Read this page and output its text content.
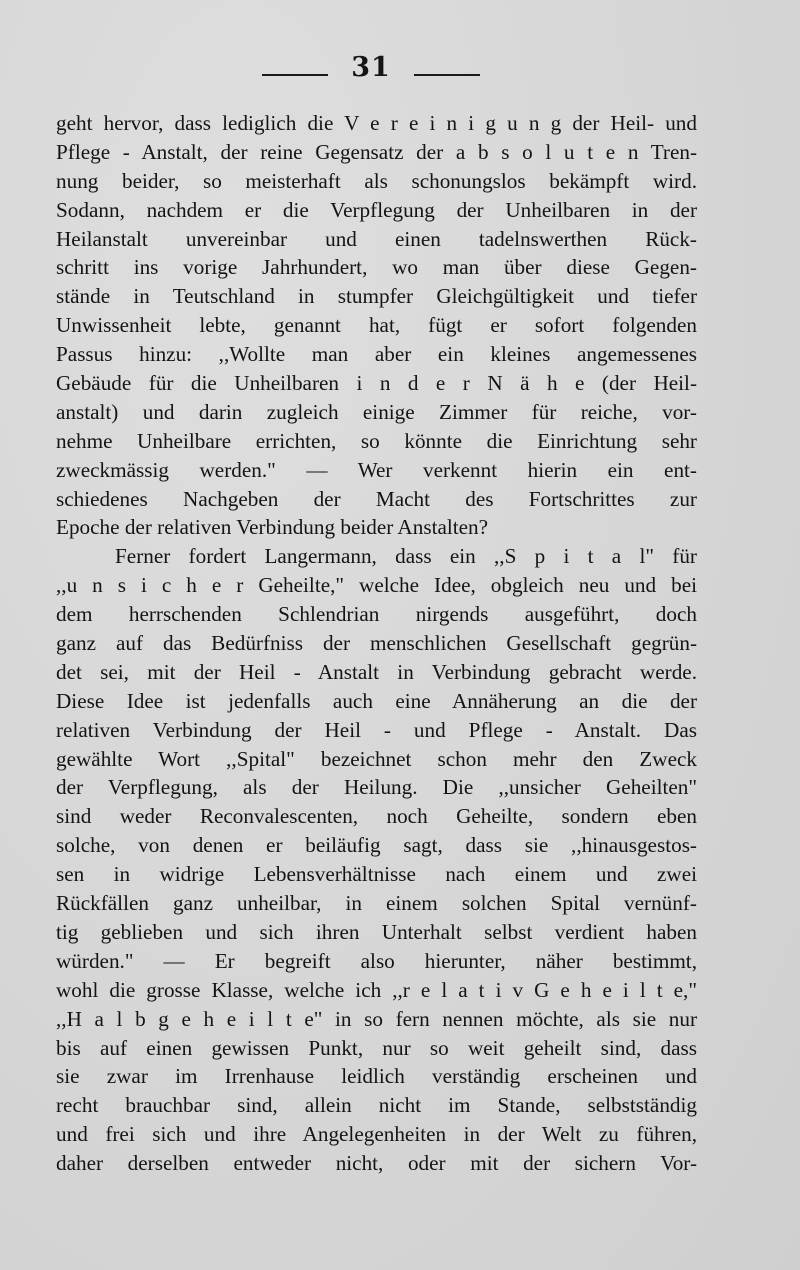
31
geht hervor, dass lediglich die V e r e i n i g u n g der Heil- und
Pflege - Anstalt, der reine Gegensatz der a b s o l u t e n Tren-
nung beider, so meisterhaft als schonungslos bekämpft wird.
Sodann, nachdem er die Verpflegung der Unheilbaren in der
Heilanstalt unvereinbar und einen tadelnswerthen Rück-
schritt ins vorige Jahrhundert, wo man über diese Gegen-
stände in Teutschland in stumpfer Gleichgültigkeit und tiefer
Unwissenheit lebte, genannt hat, fügt er sofort folgenden
Passus hinzu: ,,Wollte man aber ein kleines angemessenes
Gebäude für die Unheilbaren i n d e r N ä h e (der Heil-
anstalt) und darin zugleich einige Zimmer für reiche, vor-
nehme Unheilbare errichten, so könnte die Einrichtung sehr
zweckmässig werden." — Wer verkennt hierin ein ent-
schiedenes Nachgeben der Macht des Fortschrittes zur
Epoche der relativen Verbindung beider Anstalten?
Ferner fordert Langermann, dass ein ,,S p i t a l" für
,,u n s i c h e r Geheilte," welche Idee, obgleich neu und bei
dem herrschenden Schlendrian nirgends ausgeführt, doch
ganz auf das Bedürfniss der menschlichen Gesellschaft gegrün-
det sei, mit der Heil - Anstalt in Verbindung gebracht werde.
Diese Idee ist jedenfalls auch eine Annäherung an die der
relativen Verbindung der Heil - und Pflege - Anstalt. Das
gewählte Wort ,,Spital" bezeichnet schon mehr den Zweck
der Verpflegung, als der Heilung. Die ,,unsicher Geheilten"
sind weder Reconvalescenten, noch Geheilte, sondern eben
solche, von denen er beiläufig sagt, dass sie ,,hinausgestos-
sen in widrige Lebensverhältnisse nach einem und zwei
Rückfällen ganz unheilbar, in einem solchen Spital vernünf-
tig geblieben und sich ihren Unterhalt selbst verdient haben
würden." — Er begreift also hierunter, näher bestimmt,
wohl die grosse Klasse, welche ich ,,r e l a t i v G e h e i l t e,"
,,H a l b g e h e i l t e" in so fern nennen möchte, als sie nur
bis auf einen gewissen Punkt, nur so weit geheilt sind, dass
sie zwar im Irrenhause leidlich verständig erscheinen und
recht brauchbar sind, allein nicht im Stande, selbstständig
und frei sich und ihre Angelegenheiten in der Welt zu führen,
daher derselben entweder nicht, oder mit der sichern Vor-
